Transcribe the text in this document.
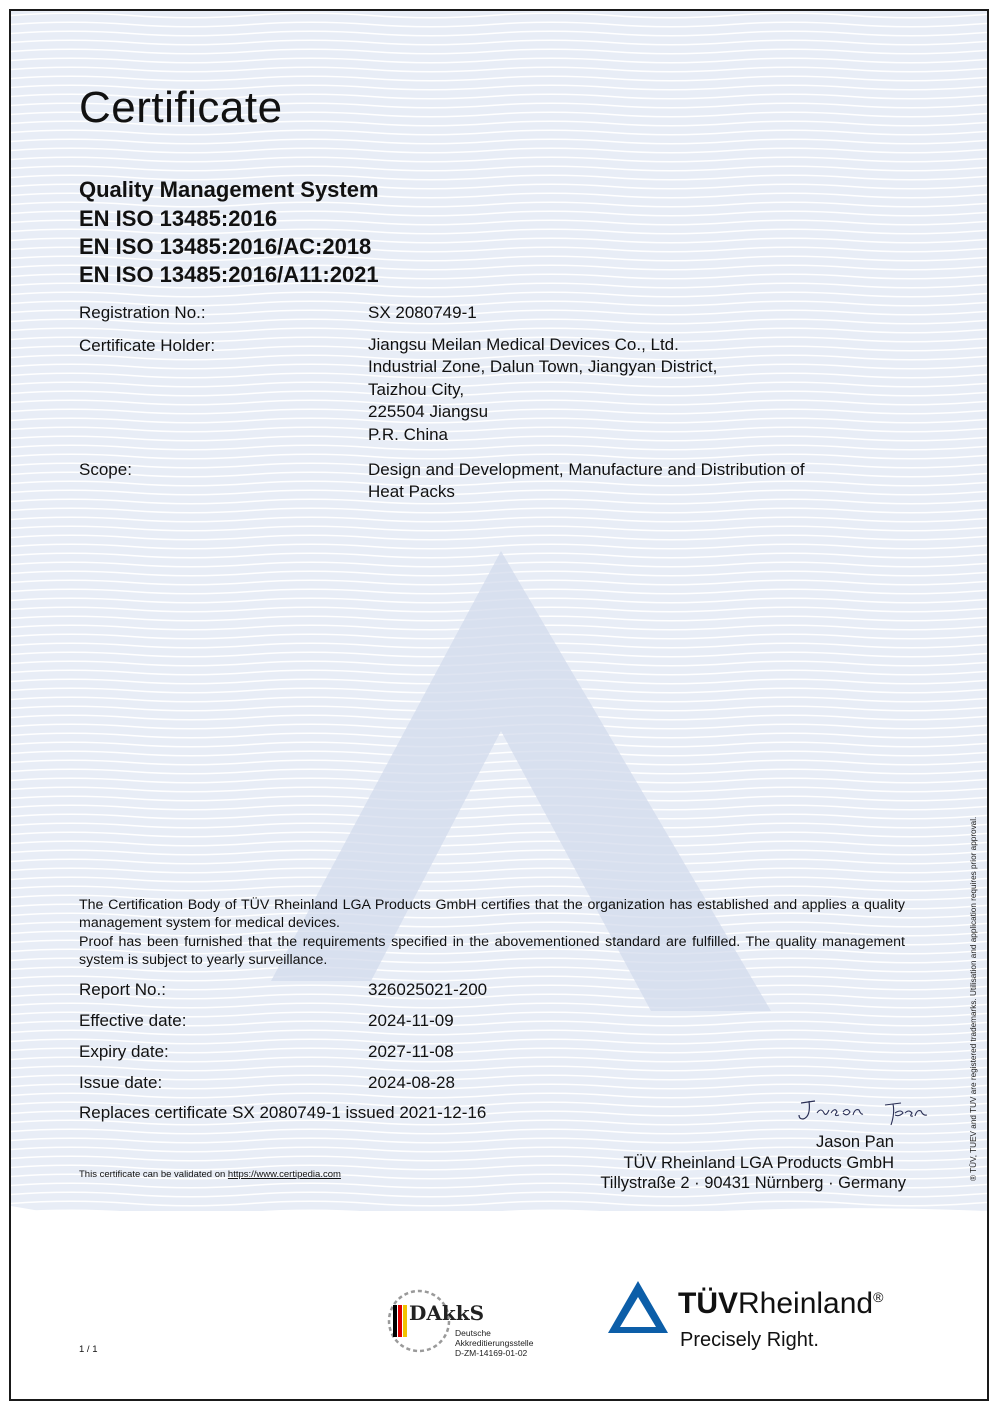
Certificate
Quality Management System
EN ISO 13485:2016
EN ISO 13485:2016/AC:2018
EN ISO 13485:2016/A11:2021
Registration No.:	SX 2080749-1
Certificate Holder:	Jiangsu Meilan Medical Devices Co., Ltd.
Industrial Zone, Dalun Town, Jiangyan District,
Taizhou City,
225504 Jiangsu
P.R. China
Scope:	Design and Development, Manufacture and Distribution of
Heat Packs

The Certification Body of TÜV Rheinland LGA Products GmbH certifies that the organization has established and applies a quality management system for medical devices.

Proof has been furnished that the requirements specified in the abovementioned standard are fulfilled. The quality management system is subject to yearly surveillance.

Report No.:	326025021-200
Effective date:	2024-11-09
Expiry date:	2027-11-08
Issue date:	2024-08-28
Replaces certificate SX 2080749-1 issued 2021-12-16
Jason Pan
TÜV Rheinland LGA Products GmbH
Tillystraße 2 · 90431 Nürnberg · Germany
This certificate can be validated on https://www.certipedia.com
1 / 1
DAkkS
Deutsche
Akkreditierungsstelle
D-ZM-14169-01-02
TÜVRheinland®
Precisely Right.
® TÜV, TUEV and TUV are registered trademarks. Utilisation and application requires prior approval.
